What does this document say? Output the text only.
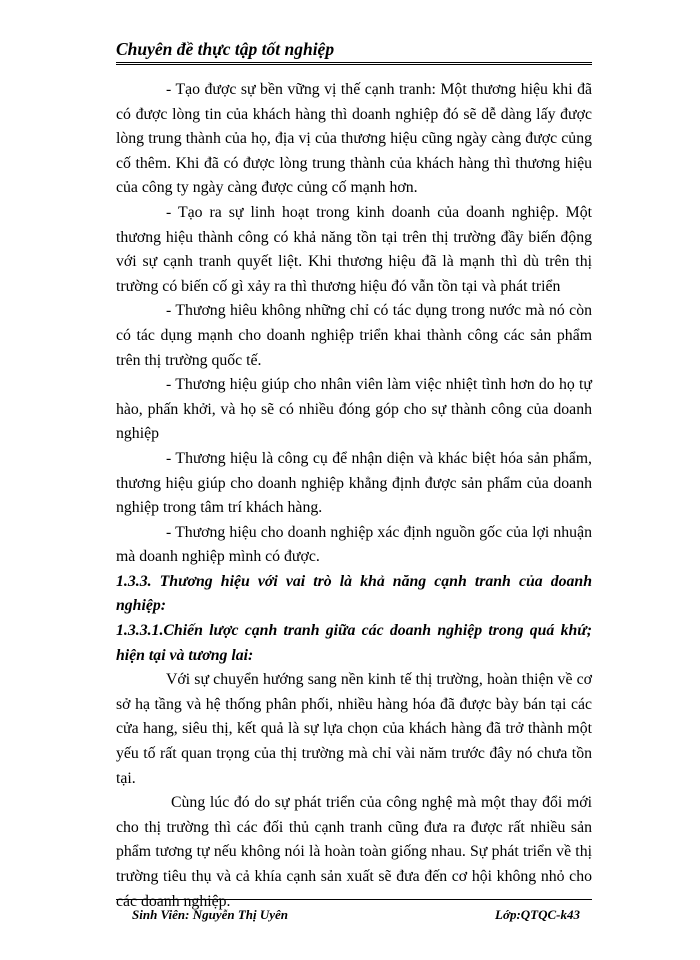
Chuyên đề thực tập tốt nghiệp

- Tạo được sự bền vững vị thế cạnh tranh: Một thương hiệu khi đã có được lòng tin của khách hàng thì doanh nghiệp đó sẽ dễ dàng lấy được lòng trung thành của họ, địa vị của thương hiệu cũng ngày càng được củng cố thêm. Khi đã có được lòng trung thành của khách hàng thì thương hiệu của công ty ngày càng được củng cố mạnh hơn.

- Tạo ra sự linh hoạt trong kinh doanh của doanh nghiệp. Một thương hiệu thành công có khả năng tồn tại trên thị trường đầy biến động với sự cạnh tranh quyết liệt. Khi thương hiệu đã là mạnh thì dù trên thị trường có biến cố gì xảy ra thì thương hiệu đó vẫn tồn tại và phát triển

- Thương hiêu không những chỉ có tác dụng trong nước mà nó còn có tác dụng mạnh cho doanh nghiệp triển khai thành công các sản phẩm trên thị trường quốc tế.

- Thương hiệu giúp cho nhân viên làm việc nhiệt tình hơn do họ tự hào, phấn khởi, và họ sẽ có nhiều đóng góp cho sự thành công của doanh nghiệp

- Thương hiệu là công cụ để nhận diện và khác biệt hóa sản phẩm, thương hiệu giúp cho doanh nghiệp khẳng định được sản phẩm của doanh nghiệp trong tâm trí khách hàng.

- Thương hiệu cho doanh nghiệp xác định nguồn gốc của lợi nhuận mà doanh nghiệp mình có được.

1.3.3. Thương hiệu với vai trò là khả năng cạnh tranh của doanh nghiệp:

1.3.3.1.Chiến lược cạnh tranh giữa các doanh nghiệp trong quá khứ; hiện tại và tương lai:

Với sự chuyển hướng sang nền kinh tế thị trường, hoàn thiện về cơ sở hạ tầng và hệ thống phân phối, nhiều hàng hóa đã được bày bán tại các cửa hang, siêu thị, kết quả là sự lựa chọn của khách hàng đã trở thành một yếu tố rất quan trọng của thị trường mà chỉ vài năm trước đây nó chưa tồn tại.

Cùng lúc đó do sự phát triển của công nghệ mà một thay đổi mới cho thị trường thì các đối thủ cạnh tranh cũng đưa ra được rất nhiều sản phẩm tương tự nếu không nói là hoàn toàn giống nhau. Sự phát triển về thị trường tiêu thụ và cả khía cạnh sản xuất sẽ đưa đến cơ hội không nhỏ cho các doanh nghiệp.

Sinh Viên: Nguyễn Thị Uyên	Lớp:QTQC-k43
